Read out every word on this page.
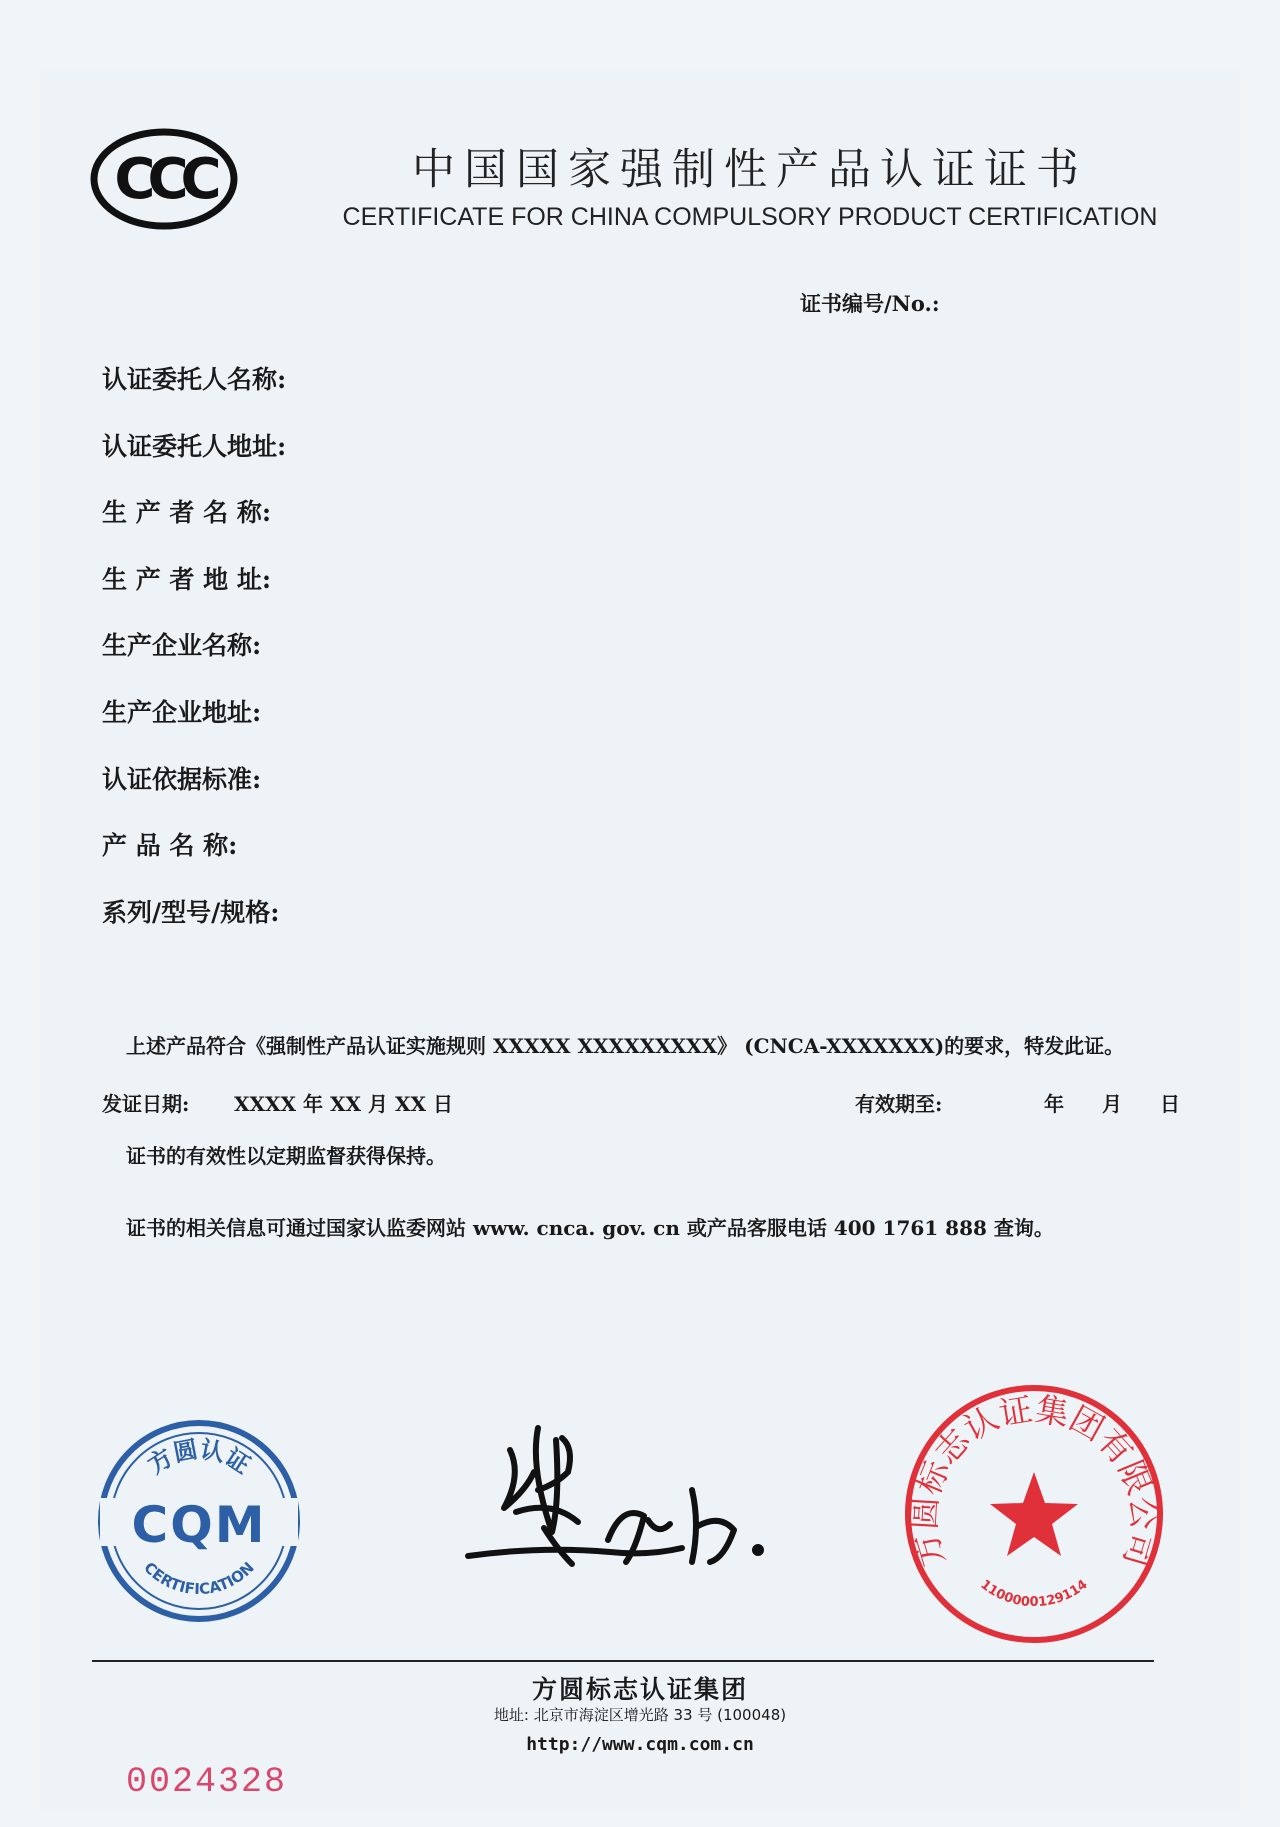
CCC	中国国家强制性产品认证证书
CERTIFICATE FOR CHINA COMPULSORY PRODUCT CERTIFICATION
证书编号/No.:
认证委托人名称:
认证委托人地址:
生 产 者 名 称:
生 产 者 地 址:
生产企业名称:
生产企业地址:
认证依据标准:
产 品 名 称:
系列/型号/规格:
上述产品符合《强制性产品认证实施规则 XXXXX XXXXXXXXX》 (CNCA-XXXXXXX)的要求，特发此证。
发证日期: XXXX 年 XX 月 XX 日	有效期至:	年 月 日
证书的有效性以定期监督获得保持。
证书的相关信息可通过国家认监委网站 www. cnca. gov. cn 或产品客服电话 400 1761 888 查询。
方圆认证
CQM
CERTIFICATION	方圆标志认证集团有限公司
1100000129114
方圆标志认证集团
地址: 北京市海淀区增光路 33 号 (100048)
http://www.cqm.com.cn
0024328
